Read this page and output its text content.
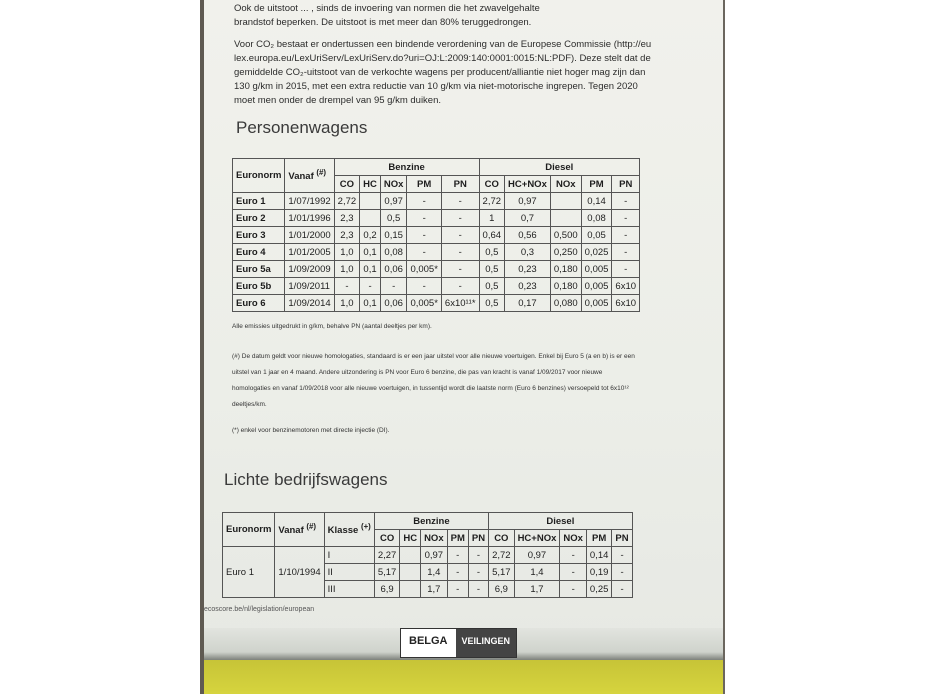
Ook de uitstoot ... , sinds de invoering van normen die het zwavelgehalte
brandstof beperken. De uitstoot is met meer dan 80% teruggedrongen.
Voor CO₂ bestaat er ondertussen een bindende verordening van de Europese Commissie (http://eu
lex.europa.eu/LexUriServ/LexUriServ.do?uri=OJ:L:2009:140:0001:0015:NL:PDF). Deze stelt dat de
gemiddelde CO₂-uitstoot van de verkochte wagens per producent/alliantie niet hoger mag zijn dan
130 g/km in 2015, met een extra reductie van 10 g/km via niet-motorische ingrepen. Tegen 2020
moet men onder de drempel van 95 g/km duiken.
Personenwagens
Euronorm	Vanaf (#)	Benzine					Diesel				
		CO	HC	NOx	PM	PN	CO	HC+NOx	NOx	PM	PN
Euro 1	1/07/1992	2,72		0,97	-	-	2,72	0,97		0,14	-
Euro 2	1/01/1996	2,3		0,5	-	-	1	0,7		0,08	-
Euro 3	1/01/2000	2,3	0,2	0,15	-	-	0,64	0,56	0,500	0,05	-
Euro 4	1/01/2005	1,0	0,1	0,08	-	-	0,5	0,3	0,250	0,025	-
Euro 5a	1/09/2009	1,0	0,1	0,06	0,005*	-	0,5	0,23	0,180	0,005	-
Euro 5b	1/09/2011	-	-	-	-	-	0,5	0,23	0,180	0,005	6x10
Euro 6	1/09/2014	1,0	0,1	0,06	0,005*	6x10¹¹*	0,5	0,17	0,080	0,005	6x10
Alle emissies uitgedrukt in g/km, behalve PN (aantal deeltjes per km).
(#) De datum geldt voor nieuwe homologaties, standaard is er een jaar uitstel voor alle nieuwe voertuigen. Enkel bij Euro 5 (a en b) is er een
uitstel van 1 jaar en 4 maand. Andere uitzondering is PN voor Euro 6 benzine, die pas van kracht is vanaf 1/09/2017 voor nieuwe
homologaties en vanaf 1/09/2018 voor alle nieuwe voertuigen, in tussentijd wordt die laatste norm (Euro 6 benzines) versoepeld tot 6x10¹²
deeltjes/km.
(*) enkel voor benzinemotoren met directe injectie (DI).
Lichte bedrijfswagens
Euronorm	Vanaf (#)	Klasse (+)	Benzine					Diesel				
			CO	HC	NOx	PM	PN	CO	HC+NOx	NOx	PM	PN
Euro 1	1/10/1994	I	2,27		0,97	-	-	2,72	0,97	-	0,14	-
		II	5,17		1,4	-	-	5,17	1,4	-	0,19	-
		III	6,9		1,7	-	-	6,9	1,7	-	0,25	-
ecoscore.be/nl/legislation/european
BELGA	VEILINGEN
